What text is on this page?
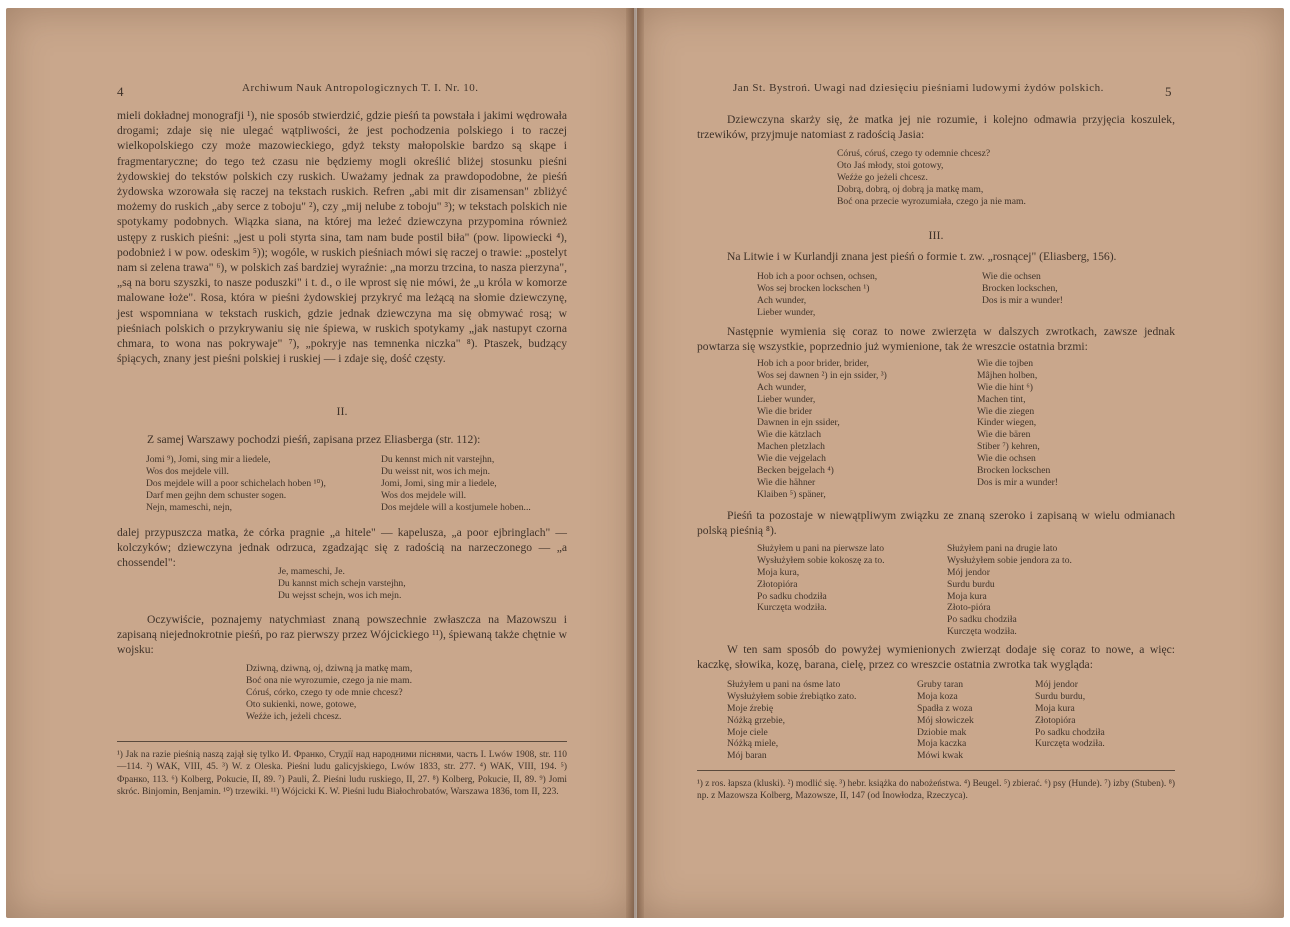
4	Archiwum Nauk Antropologicznych T. I. Nr. 10.

mieli dokładnej monografji ¹), nie sposób stwierdzić, gdzie pieśń ta powstała i jakimi wędrowała drogami; zdaje się nie ulegać wątpliwości, że jest pochodzenia polskiego i to raczej wielkopolskiego czy może mazowieckiego, gdyż teksty małopolskie bardzo są skąpe i fragmentaryczne; do tego też czasu nie będziemy mogli określić bliżej stosunku pieśni żydowskiej do tekstów polskich czy ruskich. Uważamy jednak za prawdopodobne, że pieśń żydowska wzorowała się raczej na tekstach ruskich. Refren „abi mit dir zisamensan" zbliżyć możemy do ruskich „aby serce z toboju" ²), czy „mij nelube z toboju" ³); w tekstach polskich nie spotykamy podobnych. Wiązka siana, na której ma leżeć dziewczyna przypomina również ustępy z ruskich pieśni: „jest u poli styrta sina, tam nam bude postil biła" (pow. lipowiecki ⁴), podobnież i w pow. odeskim ⁵)); wogóle, w ruskich pieśniach mówi się raczej o trawie: „postelyt nam si zelena trawa" ⁶), w polskich zaś bardziej wyraźnie: „na morzu trzcina, to nasza pierzyna", „są na boru szyszki, to nasze poduszki" i t. d., o ile wprost się nie mówi, że „u króla w komorze malowane łoże". Rosa, która w pieśni żydowskiej przykryć ma leżącą na słomie dziewczynę, jest wspomniana w tekstach ruskich, gdzie jednak dziewczyna ma się obmywać rosą; w pieśniach polskich o przykrywaniu się nie śpiewa, w ruskich spotykamy „jak nastupyt czorna chmara, to wona nas pokrywaje" ⁷), „pokryje nas temnenka niczka" ⁸). Ptaszek, budzący śpiących, znany jest pieśni polskiej i ruskiej — i zdaje się, dość częsty.

II.

Z samej Warszawy pochodzi pieśń, zapisana przez Eliasberga (str. 112):

Jomi ⁹), Jomi, sing mir a liedele,
Wos dos mejdele vill.
Dos mejdele will a poor schichelach hoben ¹⁰),
Darf men gejhn dem schuster sogen.
Nejn, mameschi, nejn,
Du kennst mich nit varstejhn,
Du weisst nit, wos ich mejn.
Jomi, Jomi, sing mir a liedele,
Wos dos mejdele will.
Dos mejdele will a kostjumele hoben...

dalej przypuszcza matka, że córka pragnie „a hitele" — kapelusza, „a poor ejbringlach" — kolczyków; dziewczyna jednak odrzuca, zgadzając się z radością na narzeczonego — „a chossendel":

Je, mameschi, Je.
Du kannst mich schejn varstejhn,
Du wejsst schejn, wos ich mejn.

Oczywiście, poznajemy natychmiast znaną powszechnie zwłaszcza na Mazowszu i zapisaną niejednokrotnie pieśń, po raz pierwszy przez Wójcickiego ¹¹), śpiewaną także chętnie w wojsku:

Dziwną, dziwną, oj, dziwną ja matkę mam,
Boć ona nie wyrozumie, czego ja nie mam.
Córuś, córko, czego ty ode mnie chcesz?
Oto sukienki, nowe, gotowe,
Weźże ich, jeżeli chcesz.

¹) Jak na razie pieśnią naszą zajął się tylko И. Франко, Студії над народними піснями, часть I. Lwów 1908, str. 110—114. ²) WAK, VIII, 45. ³) W. z Oleska. Pieśni ludu galicyjskiego, Lwów 1833, str. 277. ⁴) WAK, VIII, 194. ⁵) Франко, 113. ⁶) Kolberg, Pokucie, II, 89. ⁷) Pauli, Ż. Pieśni ludu ruskiego, II, 27. ⁸) Kolberg, Pokucie, II, 89. ⁹) Jomi skróc. Binjomin, Benjamin. ¹⁰) trzewiki. ¹¹) Wójcicki K. W. Pieśni ludu Białochrobatów, Warszawa 1836, tom II, 223.

Jan St. Bystroń. Uwagi nad dziesięciu pieśniami ludowymi żydów polskich.	5

Dziewczyna skarży się, że matka jej nie rozumie, i kolejno odmawia przyjęcia koszulek, trzewików, przyjmuje natomiast z radością Jasia:

Córuś, córuś, czego ty odemnie chcesz?
Oto Jaś młody, stoi gotowy,
Weźże go jeżeli chcesz.
Dobrą, dobrą, oj dobrą ja matkę mam,
Boć ona przecie wyrozumiała, czego ja nie mam.
III.

Na Litwie i w Kurlandji znana jest pieśń o formie t. zw. „rosnącej" (Eliasberg, 156).

Hob ich a poor ochsen, ochsen,
Wos sej brocken lockschen ¹)
Ach wunder,
Lieber wunder,
Wie die ochsen
Brocken lockschen,
Dos is mir a wunder!

Następnie wymienia się coraz to nowe zwierzęta w dalszych zwrotkach, zawsze jednak powtarza się wszystkie, poprzednio już wymienione, tak że wreszcie ostatnia brzmi:

Hob ich a poor brider, brider,
Wos sej dawnen ²) in ejn ssider, ³)
Ach wunder,
Lieber wunder,
Wie die brider
Dawnen in ejn ssider,
Wie die kätzlach
Machen pletzlach
Wie die vejgelach
Becken bejgelach ⁴)
Wie die hähner
Klaiben ⁵) späner,
Wie die tojben
Mâjhen holben,
Wie die hint ⁶)
Machen tint,
Wie die ziegen
Kinder wiegen,
Wie die bären
Stiber ⁷) kehren,
Wie die ochsen
Brocken lockschen
Dos is mir a wunder!

Pieśń ta pozostaje w niewątpliwym związku ze znaną szeroko i zapisaną w wielu odmianach polską pieśnią ⁸).

Służyłem u pani na pierwsze lato
Wysłużyłem sobie kokoszę za to.
Moja kura,
Złotopióra
Po sadku chodziła
Kurczęta wodziła.
Służyłem pani na drugie lato
Wysłużyłem sobie jendora za to.
Mój jendor
Surdu burdu
Moja kura
Złoto-pióra
Po sadku chodziła
Kurczęta wodziła.

W ten sam sposób do powyżej wymienionych zwierząt dodaje się coraz to nowe, a więc: kaczkę, słowika, kozę, barana, cielę, przez co wreszcie ostatnia zwrotka tak wygląda:

Służyłem u pani na ósme lato
Wysłużyłem sobie źrebiątko zato.
Moje źrebię
Nóżką grzebie,
Moje ciele
Nóżką miele,
Mój baran
Gruby taran
Moja koza
Spadła z woza
Mój słowiczek
Dziobie mak
Moja kaczka
Mówi kwak
Mój jendor
Surdu burdu,
Moja kura
Złotopióra
Po sadku chodziła
Kurczęta wodziła.

¹) z ros. łapsza (kluski). ²) modlić się. ³) hebr. książka do nabożeństwa. ⁴) Beugel. ⁵) zbierać. ⁶) psy (Hunde). ⁷) izby (Stuben). ⁸) np. z Mazowsza Kolberg, Mazowsze, II, 147 (od Inowłodza, Rzeczyca).
